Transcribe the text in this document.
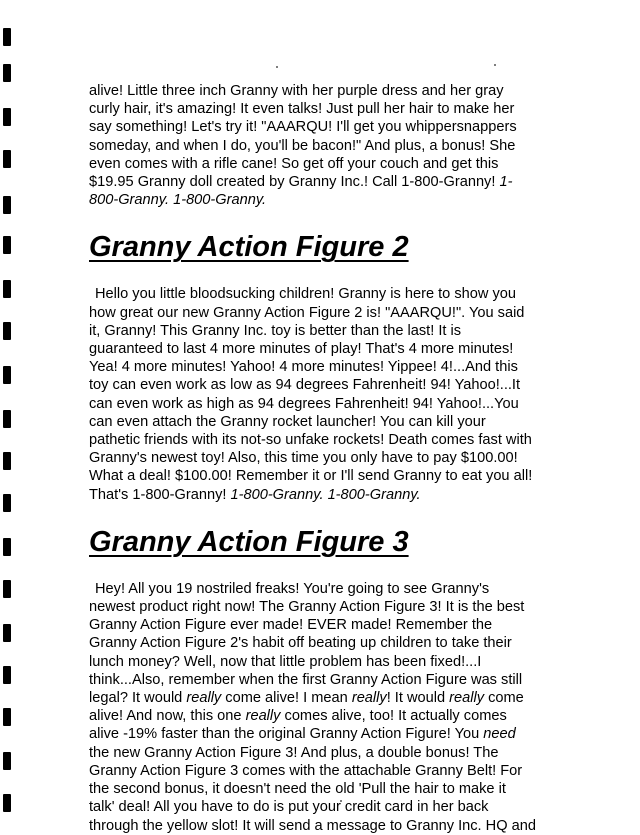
alive! Little three inch Granny with her purple dress and her gray
curly hair, it's amazing! It even talks! Just pull her hair to make her
say something! Let's try it! "AAARQU! I'll get you whippersnappers
someday, and when I do, you'll be bacon!" And plus, a bonus! She
even comes with a rifle cane! So get off your couch and get this
$19.95 Granny doll created by Granny Inc.! Call 1-800-Granny! 1-
800-Granny. 1-800-Granny.

Granny Action Figure 2

Hello you little bloodsucking children! Granny is here to show you
how great our new Granny Action Figure 2 is! "AAARQU!". You said
it, Granny! This Granny Inc. toy is better than the last! It is
guaranteed to last 4 more minutes of play! That's 4 more minutes!
Yea! 4 more minutes! Yahoo! 4 more minutes! Yippee! 4!...And this
toy can even work as low as 94 degrees Fahrenheit! 94! Yahoo!...It
can even work as high as 94 degrees Fahrenheit! 94! Yahoo!...You
can even attach the Granny rocket launcher! You can kill your
pathetic friends with its not-so unfake rockets! Death comes fast with
Granny's newest toy! Also, this time you only have to pay $100.00!
What a deal! $100.00! Remember it or I'll send Granny to eat you all!
That's 1-800-Granny! 1-800-Granny. 1-800-Granny.

Granny Action Figure 3

Hey! All you 19 nostriled freaks! You're going to see Granny's
newest product right now! The Granny Action Figure 3! It is the best
Granny Action Figure ever made! EVER made! Remember the
Granny Action Figure 2's habit off beating up children to take their
lunch money? Well, now that little problem has been fixed!...I
think...Also, remember when the first Granny Action Figure was still
legal? It would really come alive! I mean really! It would really come
alive! And now, this one really comes alive, too! It actually comes
alive -19% faster than the original Granny Action Figure! You need
the new Granny Action Figure 3! And plus, a double bonus! The
Granny Action Figure 3 comes with the attachable Granny Belt! For
the second bonus, it doesn't need the old 'Pull the hair to make it
talk' deal! All you have to do is put your credit card in her back
through the yellow slot! It will send a message to Granny Inc. HQ and
